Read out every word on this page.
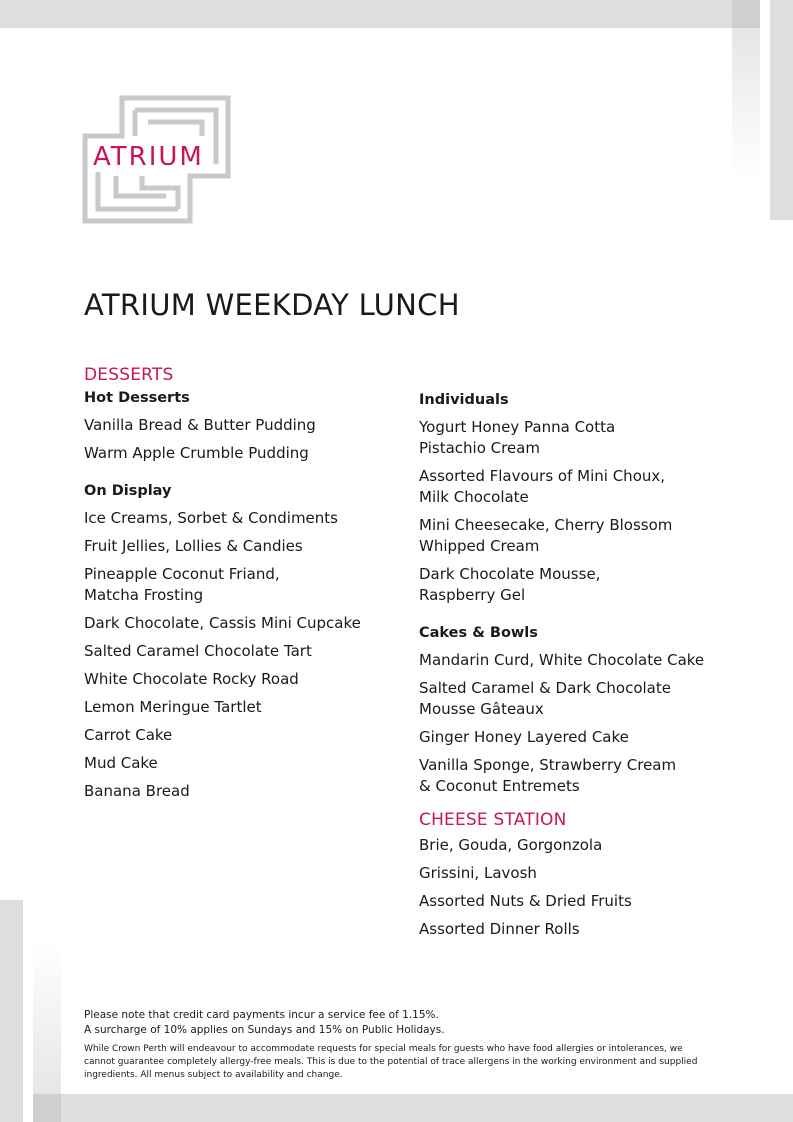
ATRIUM
ATRIUM WEEKDAY LUNCH
DESSERTS
Hot Desserts
Vanilla Bread & Butter Pudding
Warm Apple Crumble Pudding
On Display
Ice Creams, Sorbet & Condiments
Fruit Jellies, Lollies & Candies
Pineapple Coconut Friand,
Matcha Frosting
Dark Chocolate, Cassis Mini Cupcake
Salted Caramel Chocolate Tart
White Chocolate Rocky Road
Lemon Meringue Tartlet
Carrot Cake
Mud Cake
Banana Bread
Individuals
Yogurt Honey Panna Cotta
Pistachio Cream
Assorted Flavours of Mini Choux,
Milk Chocolate
Mini Cheesecake, Cherry Blossom
Whipped Cream
Dark Chocolate Mousse,
Raspberry Gel
Cakes & Bowls
Mandarin Curd, White Chocolate Cake
Salted Caramel & Dark Chocolate
Mousse Gâteaux
Ginger Honey Layered Cake
Vanilla Sponge, Strawberry Cream
& Coconut Entremets
CHEESE STATION
Brie, Gouda, Gorgonzola
Grissini, Lavosh
Assorted Nuts & Dried Fruits
Assorted Dinner Rolls

Please note that credit card payments incur a service fee of 1.15%.

A surcharge of 10% applies on Sundays and 15% on Public Holidays.

While Crown Perth will endeavour to accommodate requests for special meals for guests who have food allergies or intolerances, we cannot guarantee completely allergy-free meals. This is due to the potential of trace allergens in the working environment and supplied ingredients. All menus subject to availability and change.
